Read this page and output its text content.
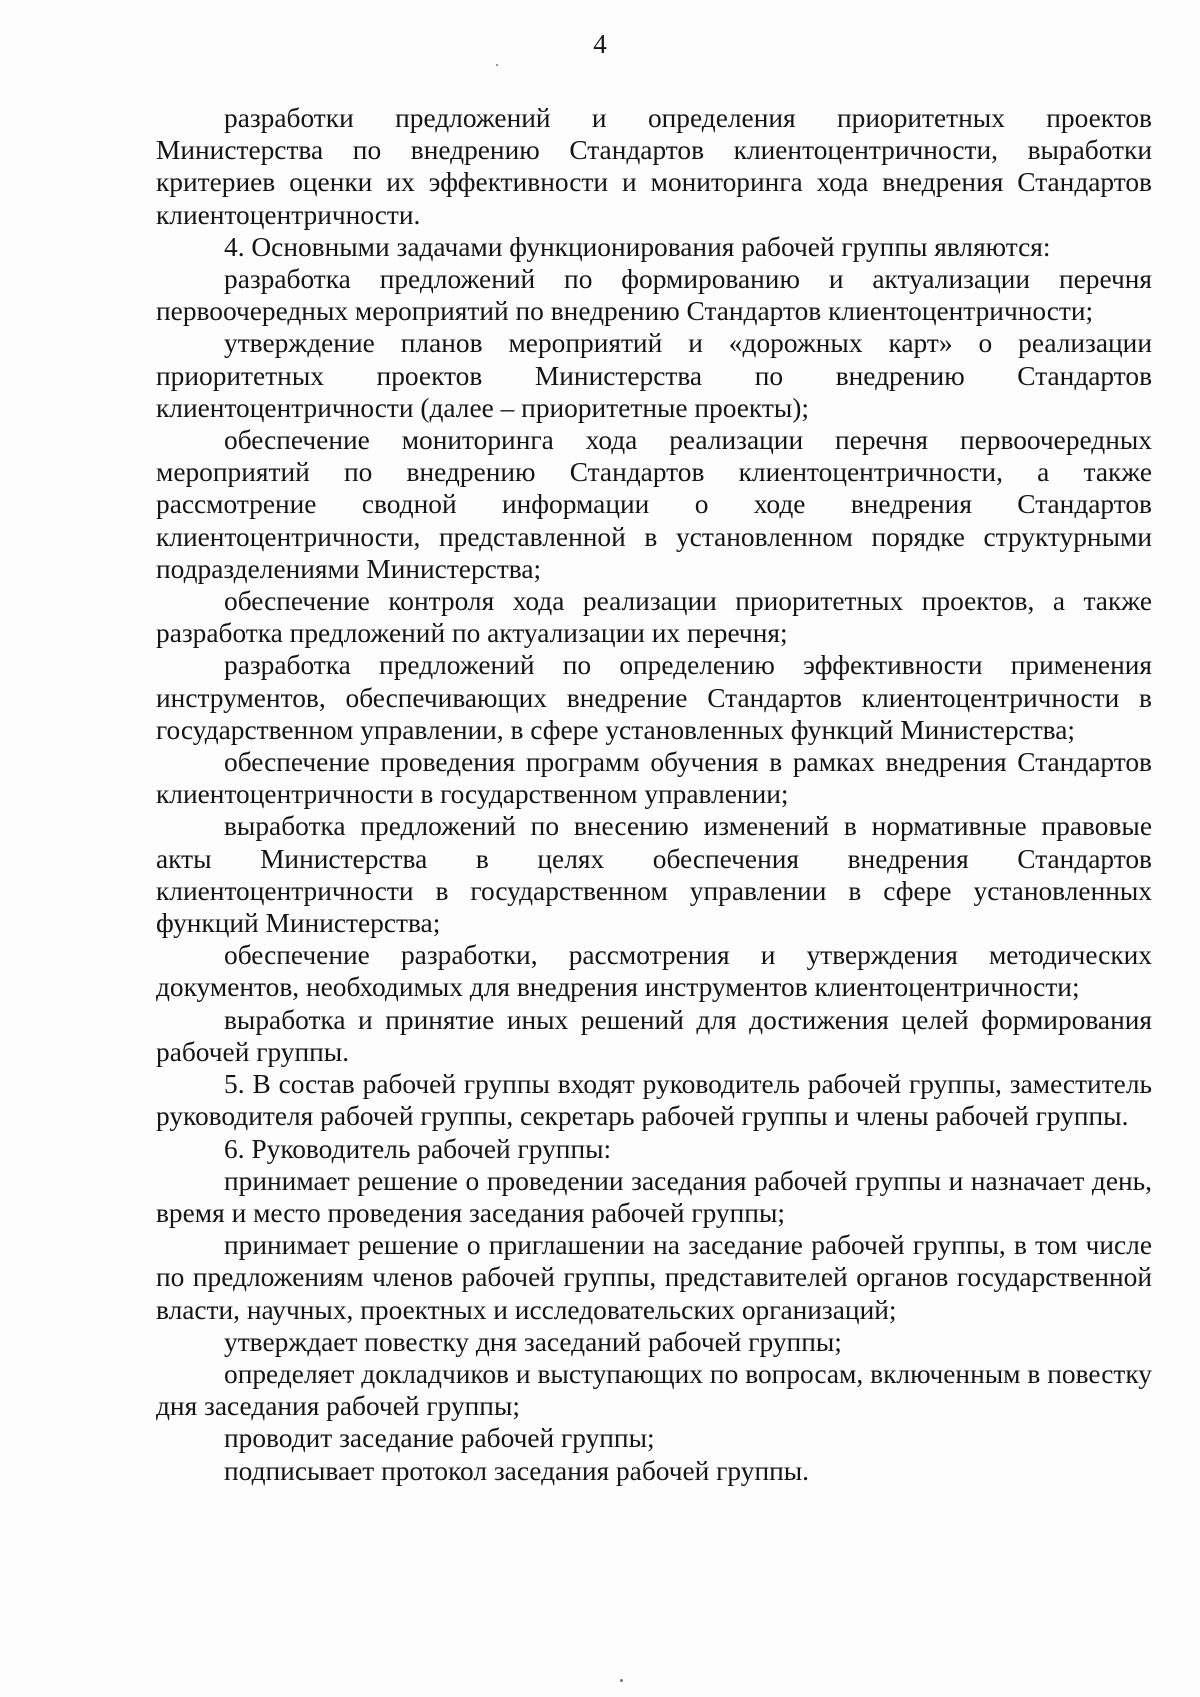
4

разработки предложений и определения приоритетных проектов Министерства по внедрению Стандартов клиентоцентричности, выработки критериев оценки их эффективности и мониторинга хода внедрения Стандартов клиентоцентричности.

4. Основными задачами функционирования рабочей группы являются:

разработка предложений по формированию и актуализации перечня первоочередных мероприятий по внедрению Стандартов клиентоцентричности;

утверждение планов мероприятий и «дорожных карт» о реализации приоритетных проектов Министерства по внедрению Стандартов клиентоцентричности (далее – приоритетные проекты);

обеспечение мониторинга хода реализации перечня первоочередных мероприятий по внедрению Стандартов клиентоцентричности, а также рассмотрение сводной информации о ходе внедрения Стандартов клиентоцентричности, представленной в установленном порядке структурными подразделениями Министерства;

обеспечение контроля хода реализации приоритетных проектов, а также разработка предложений по актуализации их перечня;

разработка предложений по определению эффективности применения инструментов, обеспечивающих внедрение Стандартов клиентоцентричности в государственном управлении, в сфере установленных функций Министерства;

обеспечение проведения программ обучения в рамках внедрения Стандартов клиентоцентричности в государственном управлении;

выработка предложений по внесению изменений в нормативные правовые акты Министерства в целях обеспечения внедрения Стандартов клиентоцентричности в государственном управлении в сфере установленных функций Министерства;

обеспечение разработки, рассмотрения и утверждения методических документов, необходимых для внедрения инструментов клиентоцентричности;

выработка и принятие иных решений для достижения целей формирования рабочей группы.

5. В состав рабочей группы входят руководитель рабочей группы, заместитель руководителя рабочей группы, секретарь рабочей группы и члены рабочей группы.

6. Руководитель рабочей группы:

принимает решение о проведении заседания рабочей группы и назначает день, время и место проведения заседания рабочей группы;

принимает решение о приглашении на заседание рабочей группы, в том числе по предложениям членов рабочей группы, представителей органов государственной власти, научных, проектных и исследовательских организаций;

утверждает повестку дня заседаний рабочей группы;

определяет докладчиков и выступающих по вопросам, включенным в повестку дня заседания рабочей группы;

проводит заседание рабочей группы;

подписывает протокол заседания рабочей группы.
